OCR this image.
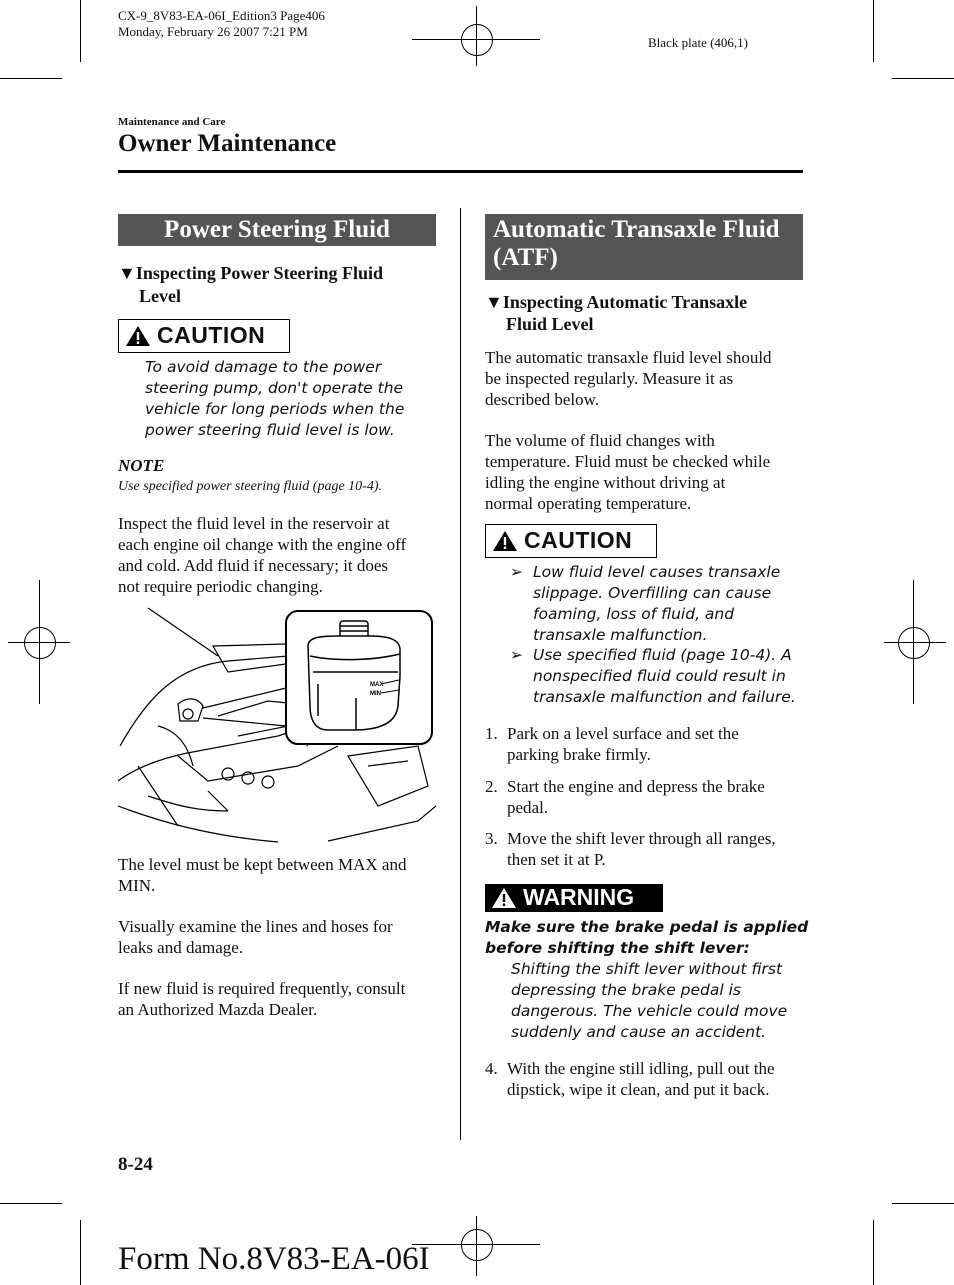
CX-9_8V83-EA-06I_Edition3 Page406
Monday, February 26 2007 7:21 PM
Black plate (406,1)
Maintenance and Care
Owner Maintenance
Power Steering Fluid
▼Inspecting Power Steering Fluid
Level
CAUTION
To avoid damage to the power
steering pump, don't operate the
vehicle for long periods when the
power steering fluid level is low.
NOTE
Use specified power steering fluid (page 10-4).
Inspect the fluid level in the reservoir at
each engine oil change with the engine off
and cold. Add fluid if necessary; it does
not require periodic changing.
MAX
MIN
The level must be kept between MAX and
MIN.
Visually examine the lines and hoses for
leaks and damage.
If new fluid is required frequently, consult
an Authorized Mazda Dealer.
Automatic Transaxle Fluid
(ATF)
▼Inspecting Automatic Transaxle
Fluid Level
The automatic transaxle fluid level should
be inspected regularly. Measure it as
described below.
The volume of fluid changes with
temperature. Fluid must be checked while
idling the engine without driving at
normal operating temperature.
CAUTION
➢ Low fluid level causes transaxle
slippage. Overfilling can cause
foaming, loss of fluid, and
transaxle malfunction.
➢ Use specified fluid (page 10-4). A
nonspecified fluid could result in
transaxle malfunction and failure.
1. Park on a level surface and set the
parking brake firmly.
2. Start the engine and depress the brake
pedal.
3. Move the shift lever through all ranges,
then set it at P.
WARNING
Make sure the brake pedal is applied
before shifting the shift lever:
Shifting the shift lever without first
depressing the brake pedal is
dangerous. The vehicle could move
suddenly and cause an accident.
4. With the engine still idling, pull out the
dipstick, wipe it clean, and put it back.
8-24
Form No.8V83-EA-06I
